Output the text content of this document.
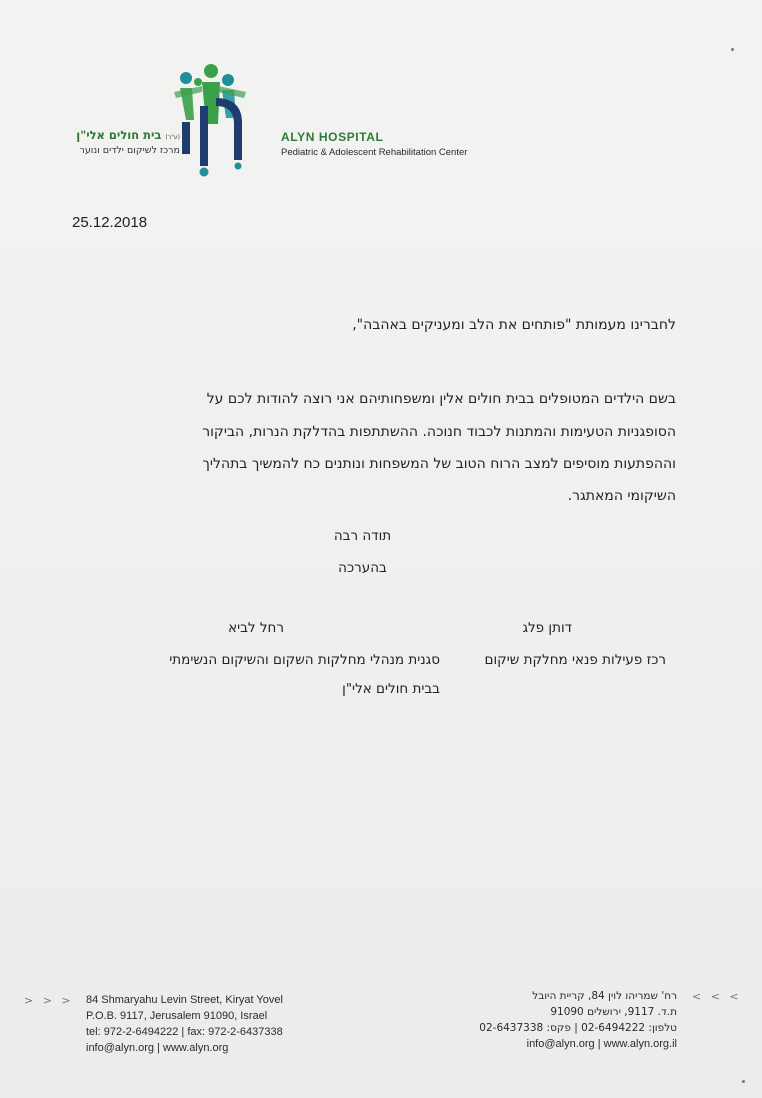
(ע"ר) בית חולים אלי"ן
מרכז לשיקום ילדים ונוער
ALYN HOSPITAL
Pediatric & Adolescent Rehabilitation Center
25.12.2018
לחברינו מעמותת "פותחים את הלב ומעניקים באהבה",
בשם הילדים המטופלים בבית חולים אלין ומשפחותיהם אני רוצה להודות לכם על
הסופגניות הטעימות והמתנות לכבוד חנוכה. ההשתתפות בהדלקת הנרות, הביקור
וההפתעות מוסיפים למצב הרוח הטוב של המשפחות ונותנים כח להמשיך בתהליך
השיקומי המאתגר.
תודה רבה
בהערכה
דותן פלג
רכז פעילות פנאי מחלקת שיקום
רחל לביא
סגנית מנהלי מחלקות השקום והשיקום הנשימתי
בבית חולים אלי"ן
> > > 84 Shmaryahu Levin Street, Kiryat Yovel
P.O.B. 9117, Jerusalem 91090, Israel
tel: 972-2-6494222 | fax: 972-2-6437338
info@alyn.org | www.alyn.org
רח' שמריהו לוין 84, קריית היובל
ת.ד. 9117, ירושלים 91090
טלפון: 02-6494222 | פקס: 02-6437338
info@alyn.org | www.alyn.org.il
< < <
